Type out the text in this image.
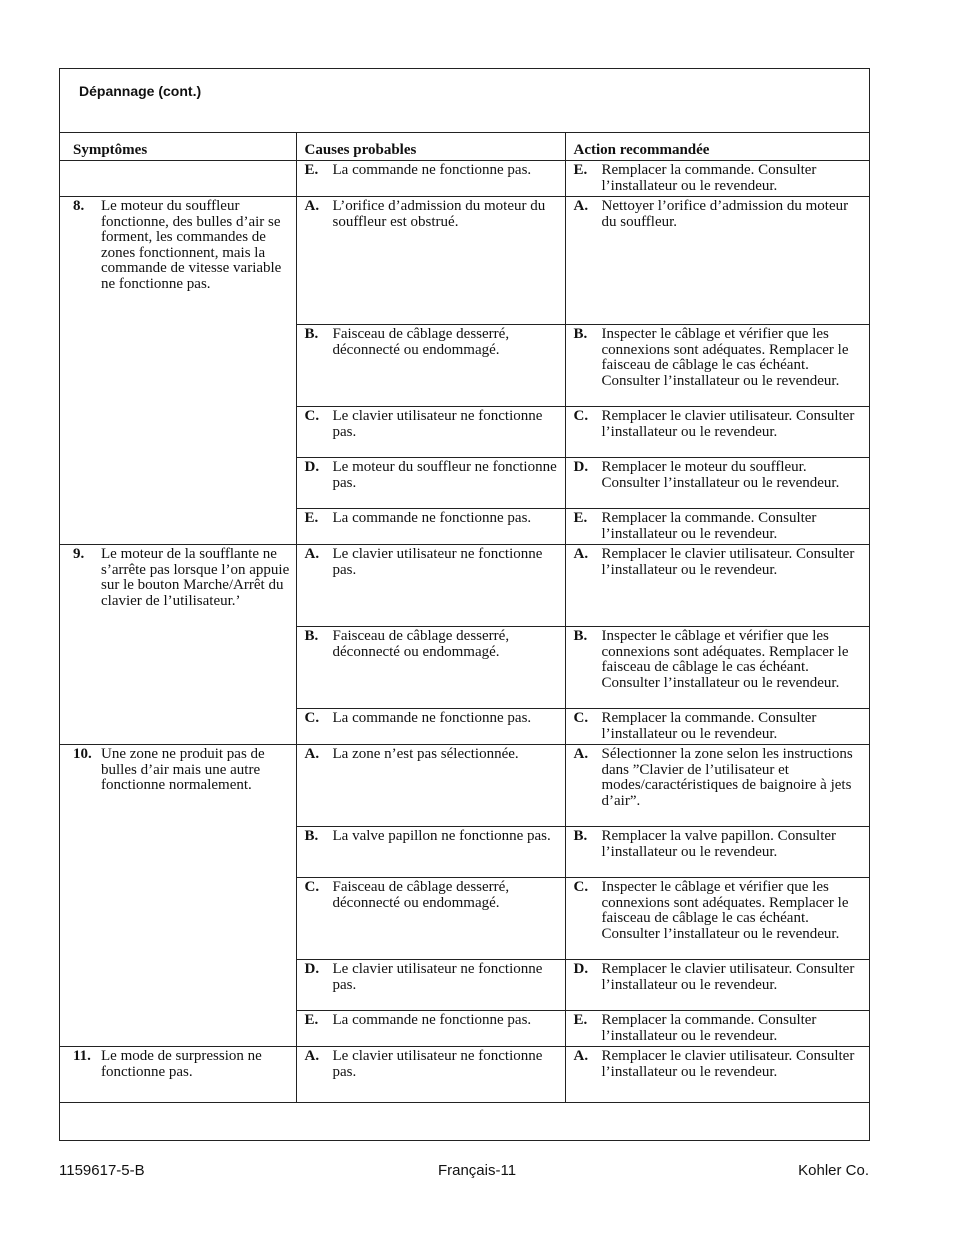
Dépannage (cont.)
Symptômes	Causes probables	Action recommandée

	E. La commande ne fonctionne pas.	E. Remplacer la commande. Consulter l’installateur ou le revendeur.

8. Le moteur du souffleur fonctionne, des bulles d’air se forment, les commandes de zones fonctionnent, mais la commande de vitesse variable ne fonctionne pas.	A. L’orifice d’admission du moteur du souffleur est obstrué.	A. Nettoyer l’orifice d’admission du moteur du souffleur.

	B. Faisceau de câblage desserré, déconnecté ou endommagé.	B. Inspecter le câblage et vérifier que les connexions sont adéquates. Remplacer le faisceau de câblage le cas échéant. Consulter l’installateur ou le revendeur.

	C. Le clavier utilisateur ne fonctionne pas.	C. Remplacer le clavier utilisateur. Consulter l’installateur ou le revendeur.

	D. Le moteur du souffleur ne fonctionne pas.	D. Remplacer le moteur du souffleur. Consulter l’installateur ou le revendeur.

	E. La commande ne fonctionne pas.	E. Remplacer la commande. Consulter l’installateur ou le revendeur.

9. Le moteur de la soufflante ne s’arrête pas lorsque l’on appuie sur le bouton Marche/Arrêt du clavier de l’utilisateur.’	A. Le clavier utilisateur ne fonctionne pas.	A. Remplacer le clavier utilisateur. Consulter l’installateur ou le revendeur.

	B. Faisceau de câblage desserré, déconnecté ou endommagé.	B. Inspecter le câblage et vérifier que les connexions sont adéquates. Remplacer le faisceau de câblage le cas échéant. Consulter l’installateur ou le revendeur.

	C. La commande ne fonctionne pas.	C. Remplacer la commande. Consulter l’installateur ou le revendeur.

10. Une zone ne produit pas de bulles d’air mais une autre fonctionne normalement.	A. La zone n’est pas sélectionnée.	A. Sélectionner la zone selon les instructions dans ”Clavier de l’utilisateur et modes/caractéristiques de baignoire à jets d’air”.

	B. La valve papillon ne fonctionne pas.	B. Remplacer la valve papillon. Consulter l’installateur ou le revendeur.

	C. Faisceau de câblage desserré, déconnecté ou endommagé.	C. Inspecter le câblage et vérifier que les connexions sont adéquates. Remplacer le faisceau de câblage le cas échéant. Consulter l’installateur ou le revendeur.

	D. Le clavier utilisateur ne fonctionne pas.	D. Remplacer le clavier utilisateur. Consulter l’installateur ou le revendeur.

	E. La commande ne fonctionne pas.	E. Remplacer la commande. Consulter l’installateur ou le revendeur.

11. Le mode de surpression ne fonctionne pas.	A. Le clavier utilisateur ne fonctionne pas.	A. Remplacer le clavier utilisateur. Consulter l’installateur ou le revendeur.
1159617-5-B	Français-11	Kohler Co.
